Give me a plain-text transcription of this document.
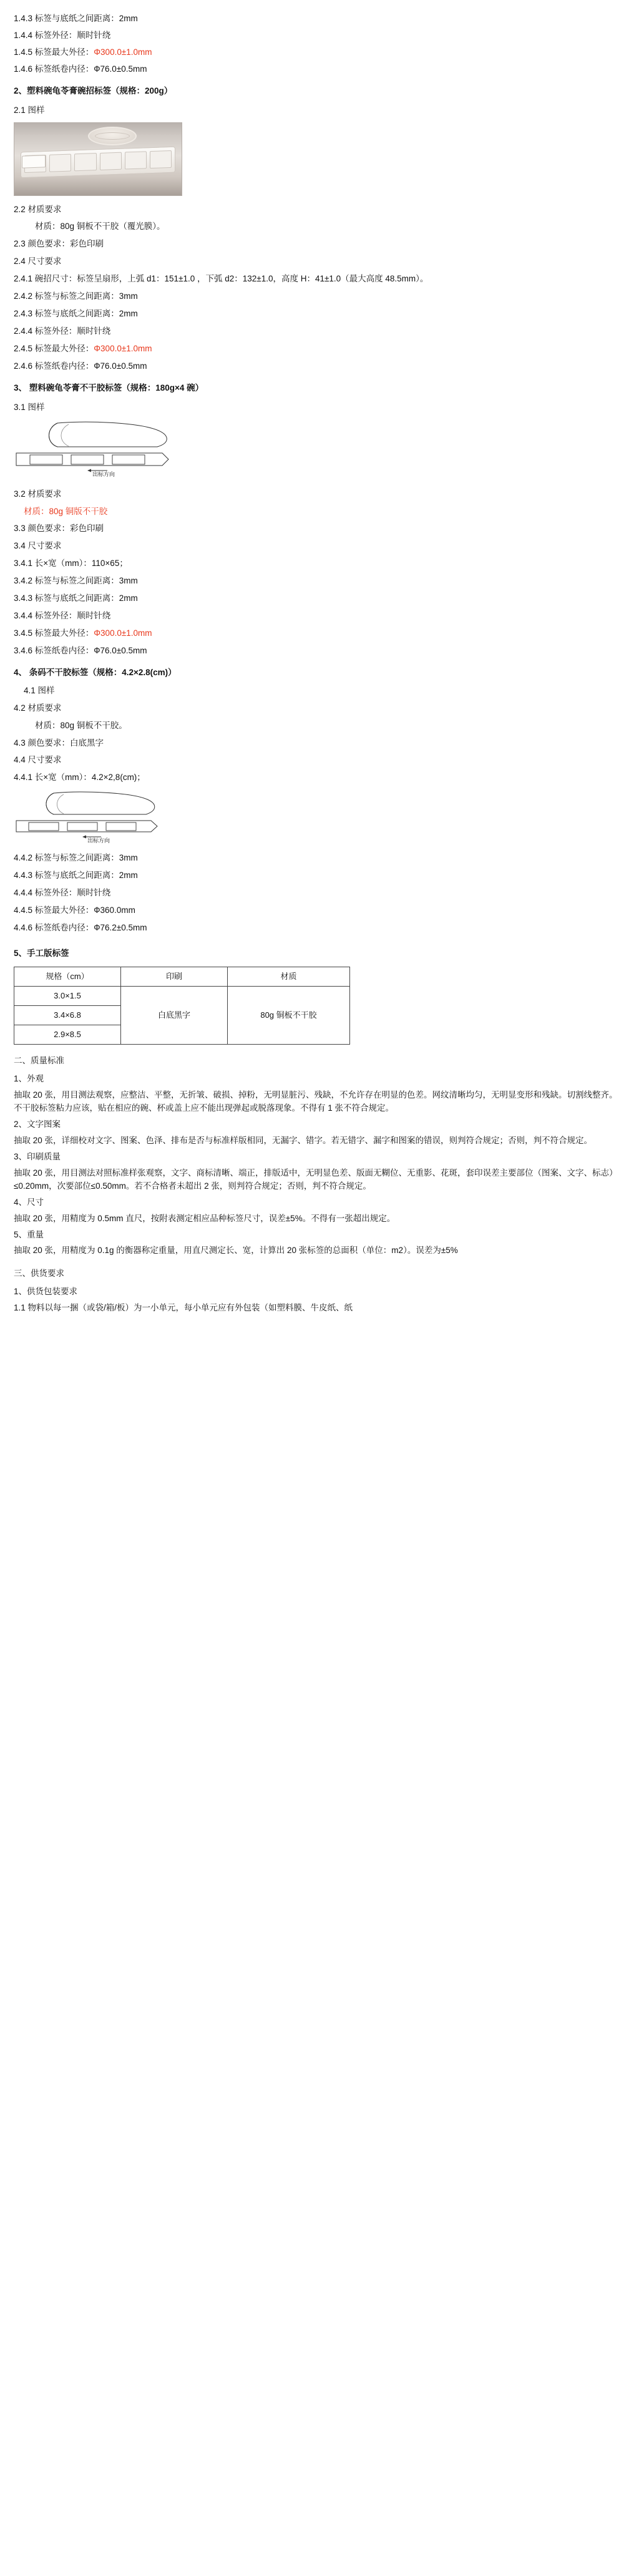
1.4.3 标签与底纸之间距离：2mm
1.4.4 标签外径：顺时针绕
1.4.5 标签最大外径：Φ300.0±1.0mm
1.4.6 标签纸卷内径：Ф76.0±0.5mm
2、塑料碗龟苓膏碗招标签（规格：200g）
2.1 图样
2.2 材质要求
材质：80g 铜板不干胶（覆光膜）。
2.3 颜色要求：彩色印刷
2.4 尺寸要求
2.4.1 碗招尺寸：标签呈扇形，上弧 d1：151±1.0 ，下弧 d2：132±1.0，高度 H：41±1.0（最大高度 48.5mm）。
2.4.2 标签与标签之间距离：3mm
2.4.3 标签与底纸之间距离：2mm
2.4.4 标签外径：顺时针绕
2.4.5 标签最大外径：Φ300.0±1.0mm
2.4.6 标签纸卷内径：Ф76.0±0.5mm
3、 塑料碗龟苓膏不干胶标签（规格：180g×4 碗）
3.1 图样
出标方向
3.2 材质要求
材质：80g 铜版不干胶
3.3 颜色要求：彩色印刷
3.4 尺寸要求
3.4.1 长×宽（mm）：110×65；
3.4.2 标签与标签之间距离：3mm
3.4.3 标签与底纸之间距离：2mm
3.4.4 标签外径：顺时针绕
3.4.5 标签最大外径：Φ300.0±1.0mm
3.4.6 标签纸卷内径：Ф76.0±0.5mm
4、 条码不干胶标签（规格：4.2×2.8(cm)）
4.1 图样
4.2 材质要求
材质：80g 铜板不干胶。
4.3 颜色要求：白底黑字
4.4 尺寸要求
4.4.1 长×宽（mm）：4.2×2,8(cm)；
出标方向
4.4.2 标签与标签之间距离：3mm
4.4.3 标签与底纸之间距离：2mm
4.4.4 标签外径：顺时针绕
4.4.5 标签最大外径：Ф360.0mm
4.4.6 标签纸卷内径：Ф76.2±0.5mm
5、手工版标签
规格（cm）	印刷	材质
3.0×1.5	白底黑字	80g 铜板不干胶
3.4×6.8		
2.9×8.5		
二、质量标准
1、外观
抽取 20 张，用目测法观察，应整洁、平整，无折皱、破损、掉粉，无明显脏污、残缺，不允许存在明显的色差。网纹清晰均匀，无明显变形和残缺。切割线整齐。不干胶标签粘力应该，贴在相应的碗、杯或盖上应不能出现弹起或脱落现象。不得有 1 张不符合规定。
2、文字图案
抽取 20 张，详细校对文字、图案、色泽、排布是否与标准样版相同，无漏字、错字。若无错字、漏字和图案的错误，则判符合规定；否则，判不符合规定。
3、印刷质量
抽取 20 张，用目测法对照标准样张观察，文字、商标清晰、端正，排版适中，无明显色差、版面无糊位、无重影、花斑，套印误差主要部位（图案、文字、标志）≤0.20mm，次要部位≤0.50mm。若不合格者未超出 2 张，则判符合规定；否则，判不符合规定。
4、尺寸
抽取 20 张，用精度为 0.5mm 直尺，按附表测定相应品种标签尺寸，误差±5%。不得有一张超出规定。
5、重量
抽取 20 张，用精度为 0.1g 的衡器称定重量，用直尺测定长、宽，计算出 20 张标签的总面积（单位：m2）。误差为±5%
三、供货要求
1、供货包装要求
1.1 物料以每一捆（或袋/箱/板）为一小单元，每小单元应有外包装（如塑料膜、牛皮纸、纸
